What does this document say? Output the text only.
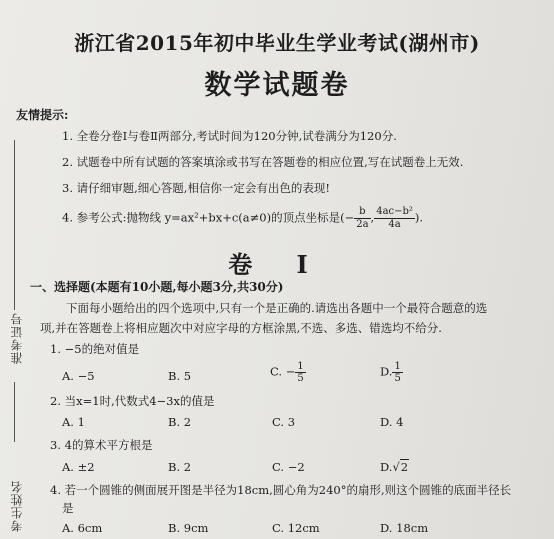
准考证号
考生姓名
浙江省2015年初中毕业生学业考试(湖州市)
数学试题卷
友情提示:
1. 全卷分卷Ⅰ与卷Ⅱ两部分,考试时间为120分钟,试卷满分为120分.
2. 试题卷中所有试题的答案填涂或书写在答题卷的相应位置,写在试题卷上无效.
3. 请仔细审题,细心答题,相信你一定会有出色的表现!
4. 参考公式:抛物线 y=ax²+bx+c(a≠0)的顶点坐标是(− $\frac{b}{2a}$ , $\frac{\text{4ac−b²}}{4a}$ ).
卷 Ⅰ
一、选择题(本题有10小题,每小题3分,共30分)
下面每小题给出的四个选项中,只有一个是正确的.请选出各题中一个最符合题意的选
项,并在答题卷上将相应题次中对应字母的方框涂黑,不选、多选、错选均不给分.
1. −5的绝对值是
A. −5	B. 5	C. − $\frac{1}{5}$	D. $\frac{1}{5}$
2. 当x=1时,代数式4−3x的值是
A. 1	B. 2	C. 3	D. 4
3. 4的算术平方根是
A. ±2	B. 2	C. −2	D.√2
4. 若一个圆锥的侧面展开图是半径为18cm,圆心角为240°的扇形,则这个圆锥的底面半径长
是
A. 6cm	B. 9cm	C. 12cm	D. 18cm
